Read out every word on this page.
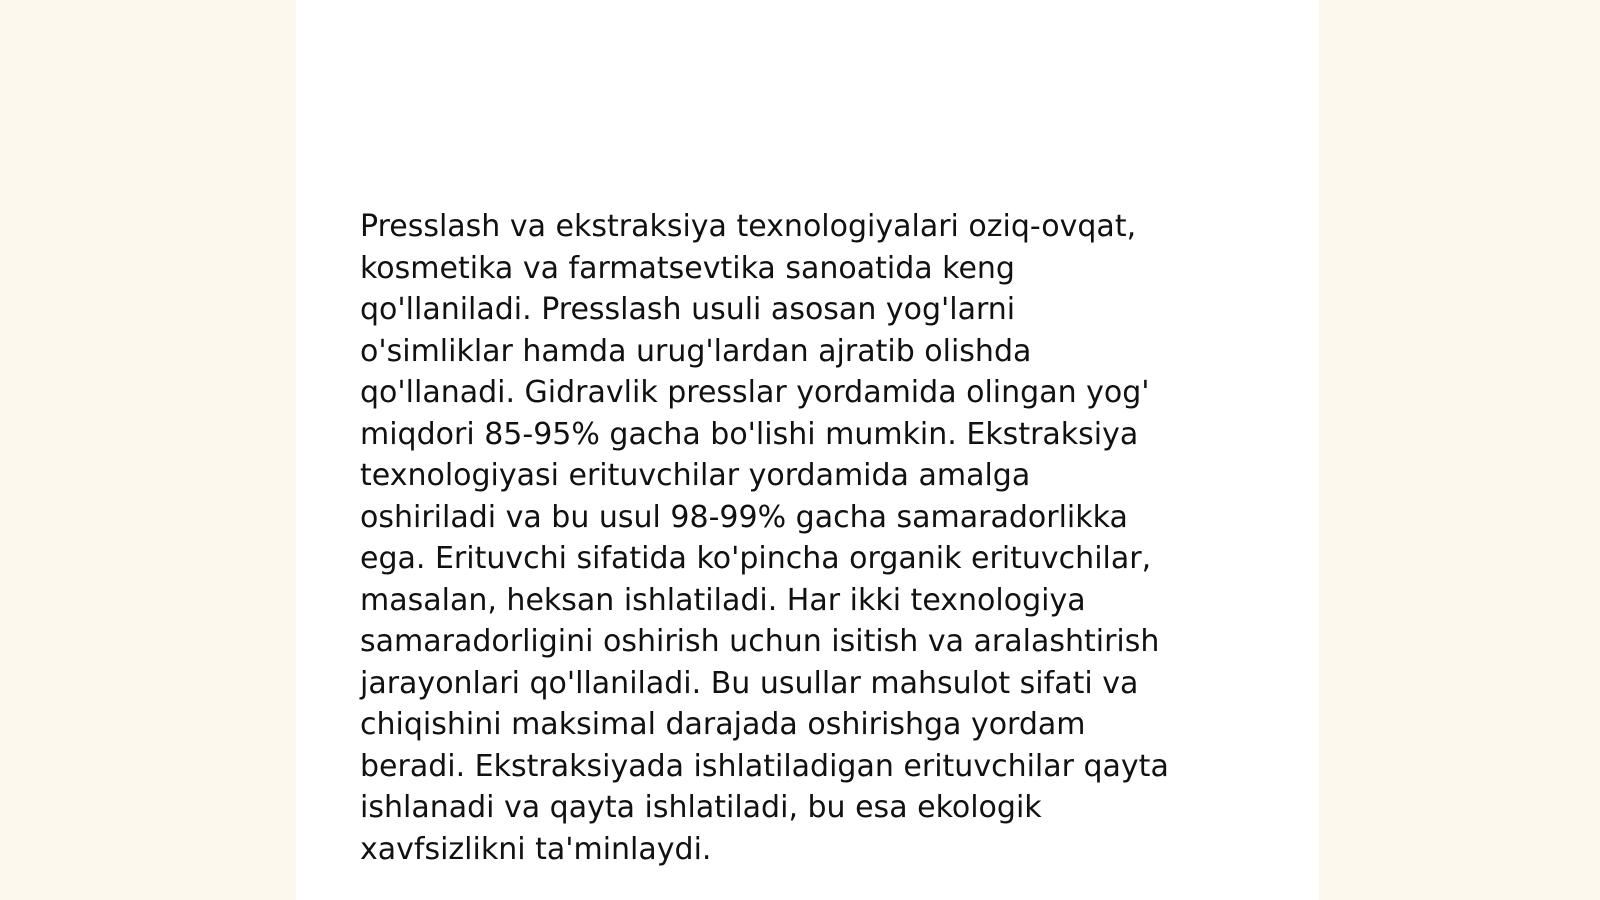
Presslash va ekstraksiya texnologiyalari oziq-ovqat,
kosmetika va farmatsevtika sanoatida keng
qo'llaniladi. Presslash usuli asosan yog'larni
o'simliklar hamda urug'lardan ajratib olishda
qo'llanadi. Gidravlik presslar yordamida olingan yog'
miqdori 85-95% gacha bo'lishi mumkin. Ekstraksiya
texnologiyasi erituvchilar yordamida amalga
oshiriladi va bu usul 98-99% gacha samaradorlikka
ega. Erituvchi sifatida ko'pincha organik erituvchilar,
masalan, heksan ishlatiladi. Har ikki texnologiya
samaradorligini oshirish uchun isitish va aralashtirish
jarayonlari qo'llaniladi. Bu usullar mahsulot sifati va
chiqishini maksimal darajada oshirishga yordam
beradi. Ekstraksiyada ishlatiladigan erituvchilar qayta
ishlanadi va qayta ishlatiladi, bu esa ekologik
xavfsizlikni ta'minlaydi.
